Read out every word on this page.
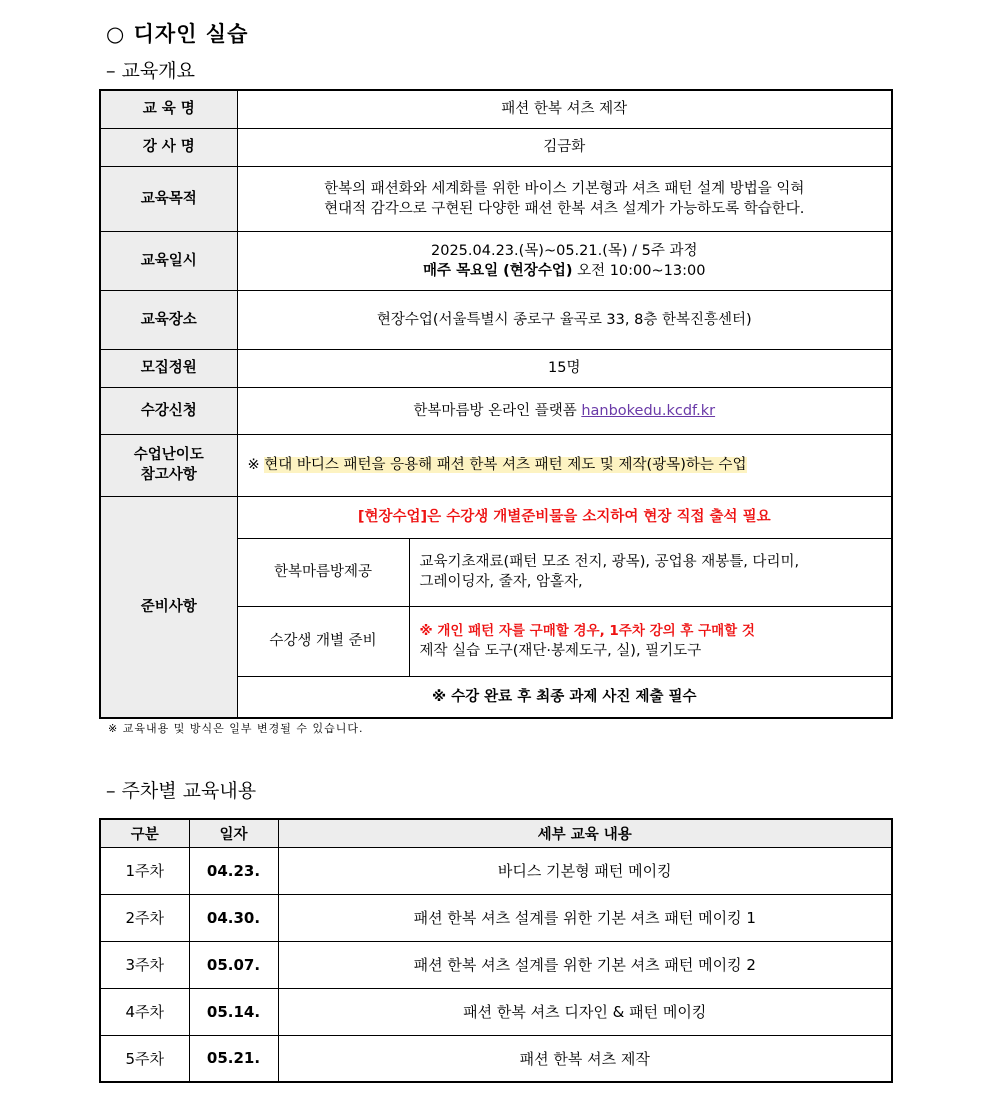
○ 디자인 실습
– 교육개요
교 육 명	패션 한복 셔츠 제작	
강 사 명	김금화	
교육목적	한복의 패션화와 세계화를 위한 바이스 기본형과 셔츠 패턴 설계 방법을 익혀
현대적 감각으로 구현된 다양한 패션 한복 셔츠 설계가 가능하도록 학습한다.	

교육일시	2025.04.23.(목)~05.21.(목) / 5주 과정
매주 목요일 (현장수업) 오전 10:00~13:00	

교육장소	현장수업(서울특별시 종로구 율곡로 33, 8층 한복진흥센터)	
모집정원	15명	
수강신청	한복마름방 온라인 플랫폼 hanbokedu.kcdf.kr	

수업난이도
참고사항	※ 현대 바디스 패턴을 응용해 패션 한복 셔츠 패턴 제도 및 제작(광목)하는 수업	
준비사항	[현장수업]은 수강생 개별준비물을 소지하여 현장 직접 출석 필요	
	한복마름방제공	교육기초재료(패턴 모조 전지, 광목), 공업용 재봉틀, 다리미,
그레이딩자, 줄자, 암홀자,

	수강생 개별 준비	※ 개인 패턴 자를 구매할 경우, 1주차 강의 후 구매할 것
제작 실습 도구(재단·봉제도구, 실), 필기도구

	※ 수강 완료 후 최종 과제 사진 제출 필수	
※ 교육내용 및 방식은 일부 변경될 수 있습니다.
– 주차별 교육내용
구분	일자	세부 교육 내용
1주차	04.23.	바디스 기본형 패턴 메이킹
2주차	04.30.	패션 한복 셔츠 설계를 위한 기본 셔츠 패턴 메이킹 1
3주차	05.07.	패션 한복 셔츠 설계를 위한 기본 셔츠 패턴 메이킹 2
4주차	05.14.	패션 한복 셔츠 디자인 & 패턴 메이킹
5주차	05.21.	패션 한복 셔츠 제작
